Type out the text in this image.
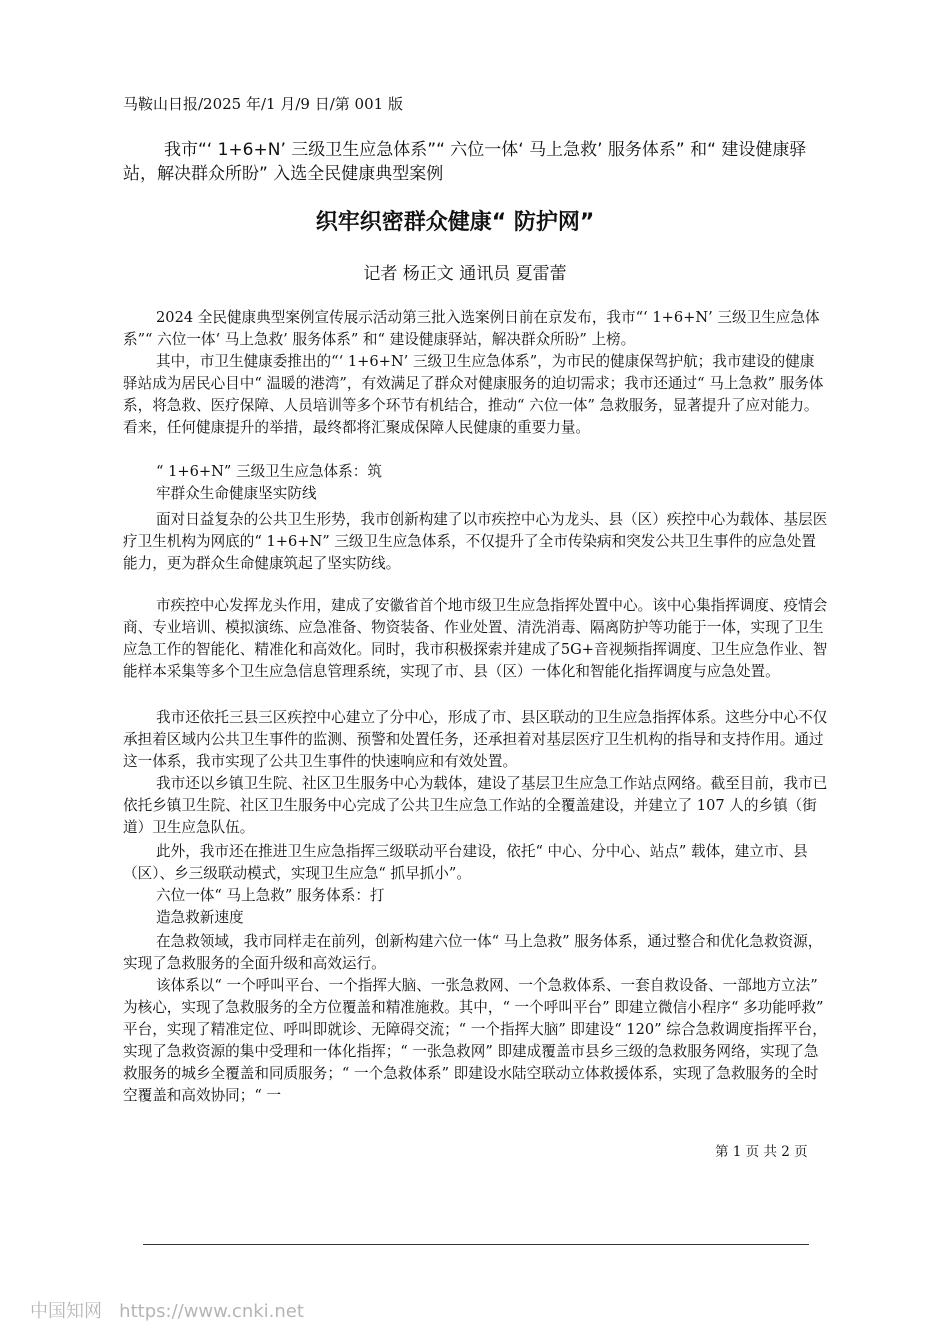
马鞍山日报/2025 年/1 月/9 日/第 001 版
我市“‘ 1+6+N’ 三级卫生应急体系”“ 六位一体‘ 马上急救’ 服务体系” 和“ 建设健康驿站，解决群众所盼” 入选全民健康典型案例
织牢织密群众健康“ 防护网”
记者 杨正文 通讯员 夏雷蕾

2024 全民健康典型案例宣传展示活动第三批入选案例日前在京发布，我市“‘ 1+6+N’ 三级卫生应急体系”“ 六位一体‘ 马上急救’ 服务体系” 和“ 建设健康驿站，解决群众所盼” 上榜。

其中，市卫生健康委推出的“‘ 1+6+N’ 三级卫生应急体系”，为市民的健康保驾护航；我市建设的健康驿站成为居民心目中“ 温暖的港湾”，有效满足了群众对健康服务的迫切需求；我市还通过“ 马上急救” 服务体系，将急救、医疗保障、人员培训等多个环节有机结合，推动“ 六位一体” 急救服务，显著提升了应对能力。看来，任何健康提升的举措，最终都将汇聚成保障人民健康的重要力量。

“ 1+6+N” 三级卫生应急体系：筑

牢群众生命健康坚实防线

面对日益复杂的公共卫生形势，我市创新构建了以市疾控中心为龙头、县（区）疾控中心为载体、基层医疗卫生机构为网底的“ 1+6+N” 三级卫生应急体系，不仅提升了全市传染病和突发公共卫生事件的应急处置能力，更为群众生命健康筑起了坚实防线。

市疾控中心发挥龙头作用，建成了安徽省首个地市级卫生应急指挥处置中心。该中心集指挥调度、疫情会商、专业培训、模拟演练、应急准备、物资装备、作业处置、清洗消毒、隔离防护等功能于一体，实现了卫生应急工作的智能化、精准化和高效化。同时，我市积极探索并建成了5G+音视频指挥调度、卫生应急作业、智能样本采集等多个卫生应急信息管理系统，实现了市、县（区）一体化和智能化指挥调度与应急处置。

我市还依托三县三区疾控中心建立了分中心，形成了市、县区联动的卫生应急指挥体系。这些分中心不仅承担着区域内公共卫生事件的监测、预警和处置任务，还承担着对基层医疗卫生机构的指导和支持作用。通过这一体系，我市实现了公共卫生事件的快速响应和有效处置。

我市还以乡镇卫生院、社区卫生服务中心为载体，建设了基层卫生应急工作站点网络。截至目前，我市已依托乡镇卫生院、社区卫生服务中心完成了公共卫生应急工作站的全覆盖建设，并建立了 107 人的乡镇（街道）卫生应急队伍。

此外，我市还在推进卫生应急指挥三级联动平台建设，依托“ 中心、分中心、站点” 载体，建立市、县（区）、乡三级联动模式，实现卫生应急“ 抓早抓小”。

六位一体“ 马上急救” 服务体系：打

造急救新速度

在急救领域，我市同样走在前列，创新构建六位一体“ 马上急救” 服务体系，通过整合和优化急救资源，实现了急救服务的全面升级和高效运行。

该体系以“ 一个呼叫平台、一个指挥大脑、一张急救网、一个急救体系、一套自救设备、一部地方立法” 为核心，实现了急救服务的全方位覆盖和精准施救。其中，“ 一个呼叫平台” 即建立微信小程序“ 多功能呼救” 平台，实现了精准定位、呼叫即就诊、无障碍交流；“ 一个指挥大脑” 即建设“ 120” 综合急救调度指挥平台，实现了急救资源的集中受理和一体化指挥；“ 一张急救网” 即建成覆盖市县乡三级的急救服务网络，实现了急救服务的城乡全覆盖和同质服务；“ 一个急救体系” 即建设水陆空联动立体救援体系，实现了急救服务的全时空覆盖和高效协同；“ 一

第 1 页 共 2 页
中国知网 https://www.cnki.net
